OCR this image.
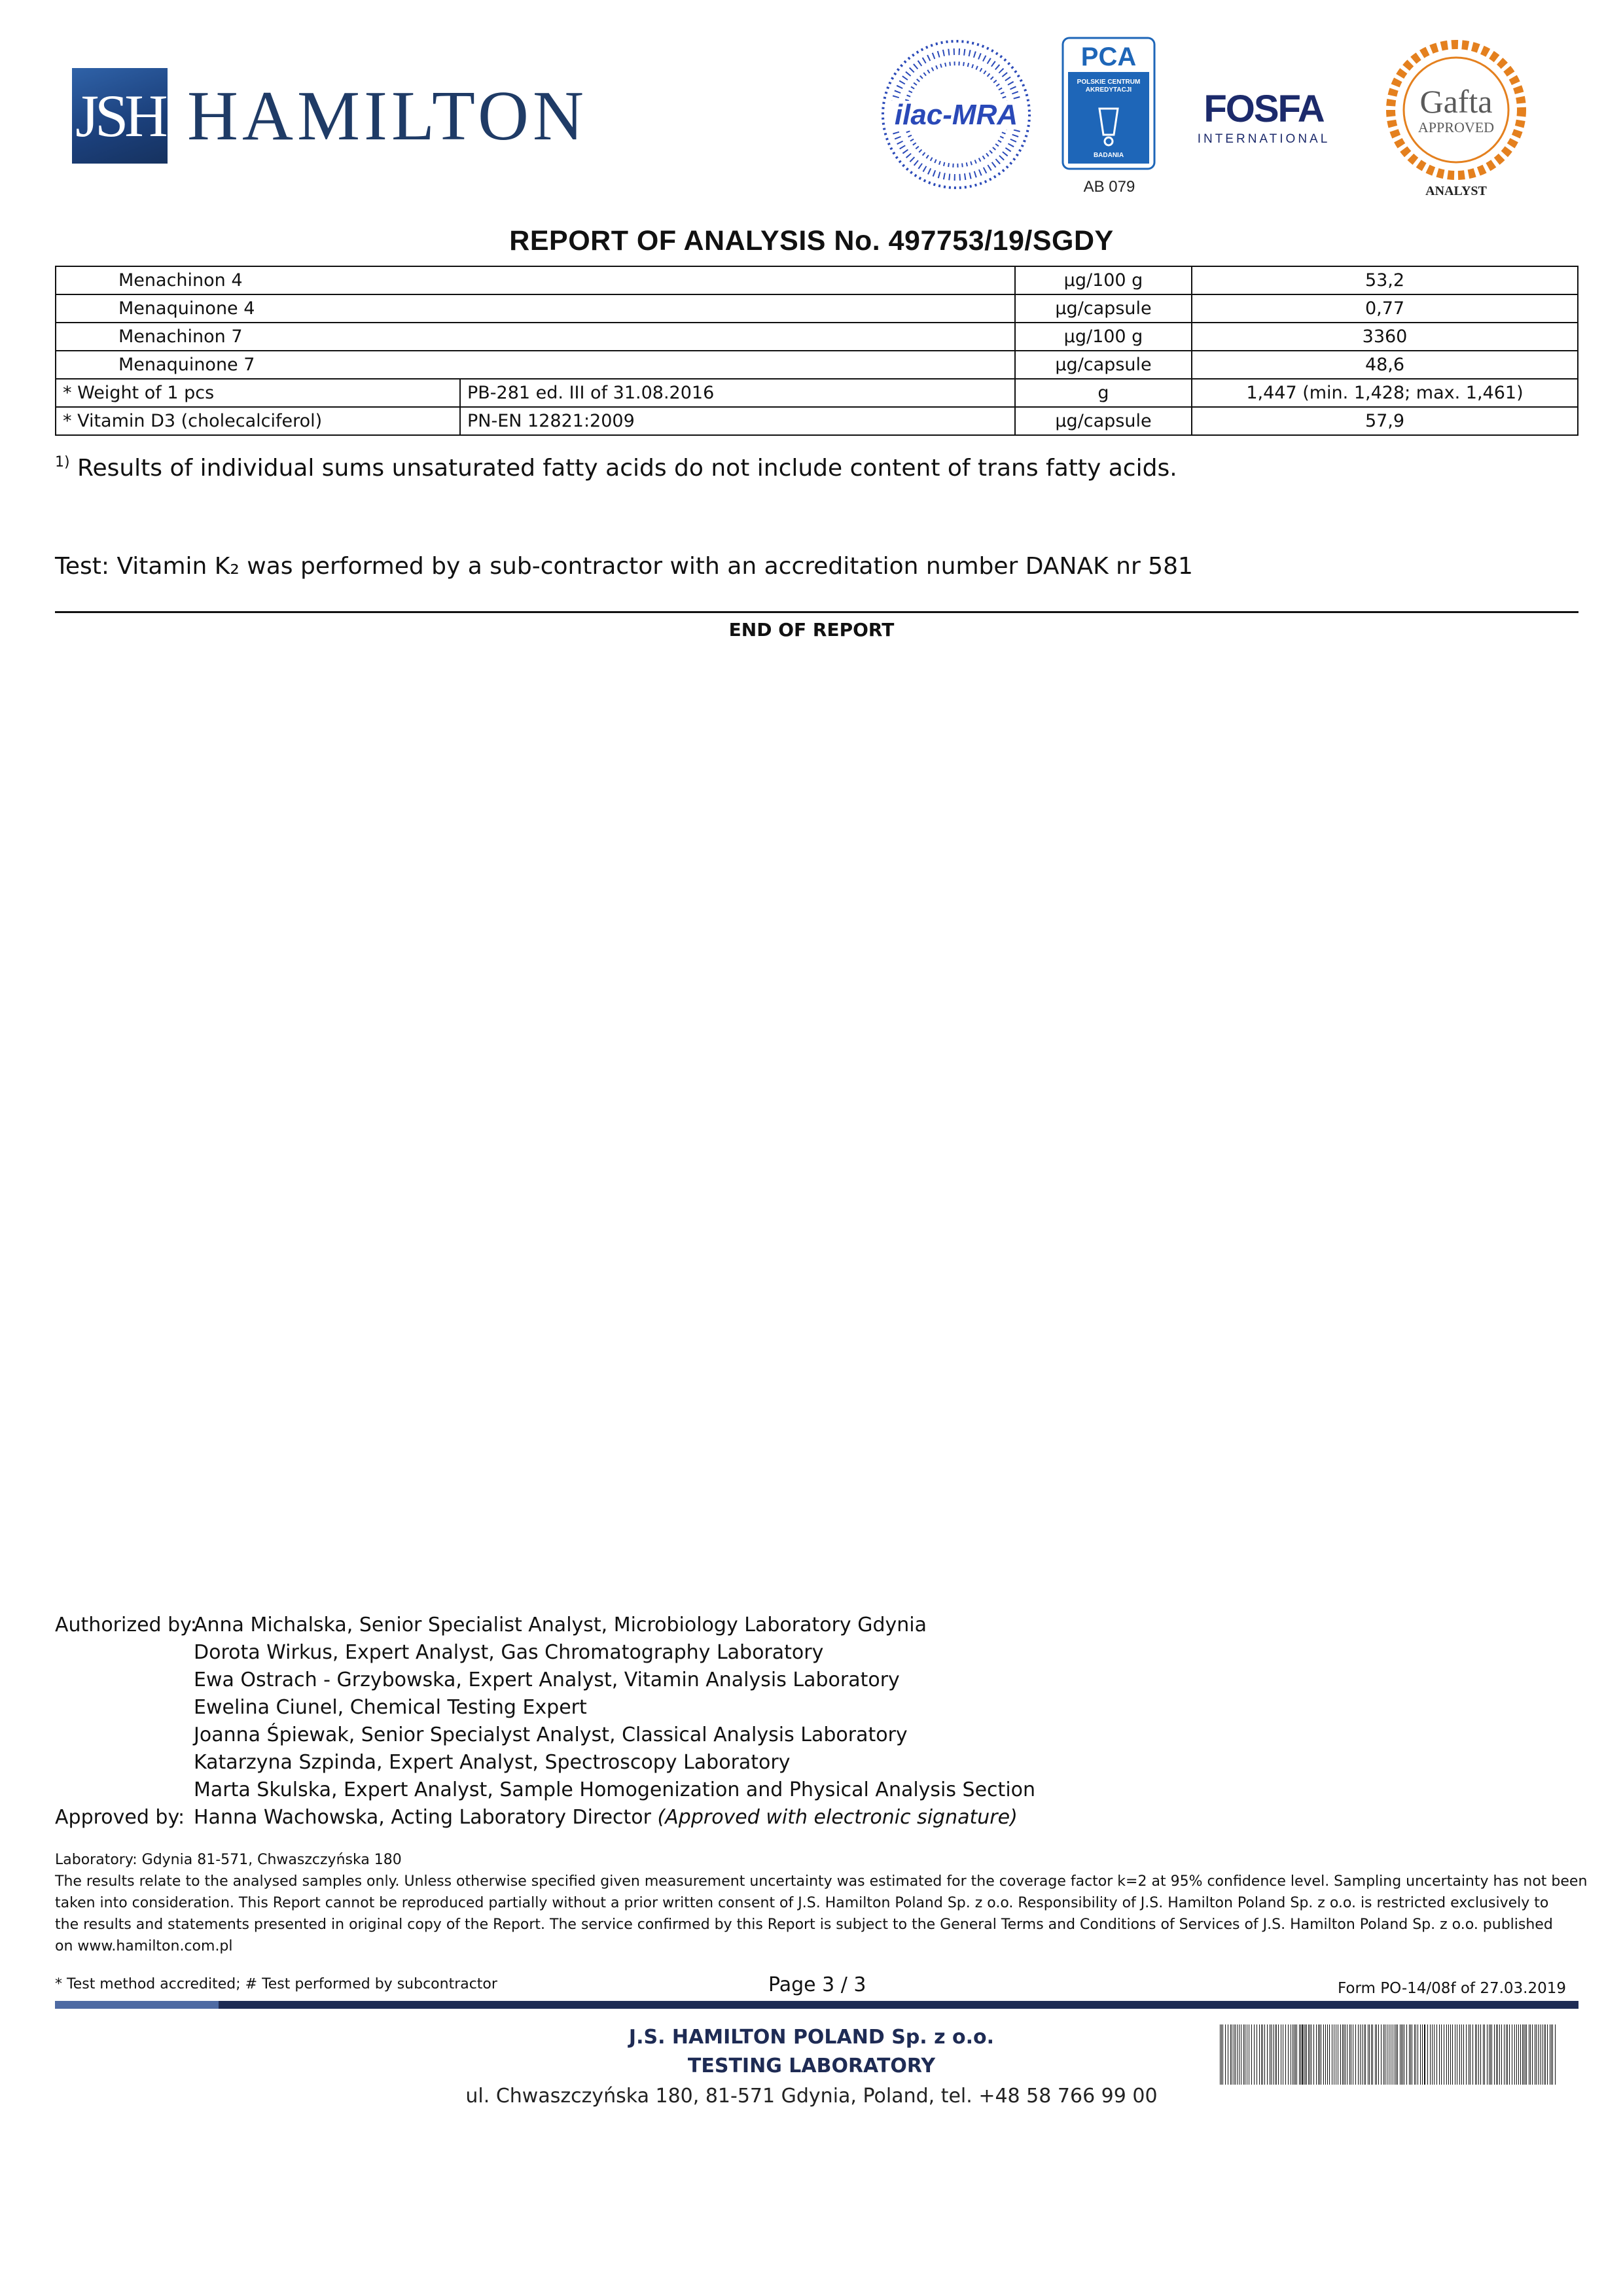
JSH HAMILTON	ilac-MRA
PCA
POLSKIE CENTRUM
AKREDYTACJI
BADANIA
AB 079
FOSFA
INTERNATIONAL
Gafta
APPROVED
ANALYST
REPORT OF ANALYSIS No. 497753/19/SGDY
Menachinon 4		µg/100 g	53,2
Menaquinone 4		µg/capsule	0,77
Menachinon 7		µg/100 g	3360
Menaquinone 7		µg/capsule	48,6
* Weight of 1 pcs	PB-281 ed. III of 31.08.2016	g	1,447 (min. 1,428; max. 1,461)
* Vitamin D3 (cholecalciferol)	PN-EN 12821:2009	µg/capsule	57,9
$^{1)}$ Results of individual sums unsaturated fatty acids do not include content of trans fatty acids.
Test: Vitamin K₂ was performed by a sub-contractor with an accreditation number DANAK nr 581
END OF REPORT
Authorized by:
Anna Michalska, Senior Specialist Analyst, Microbiology Laboratory Gdynia
Dorota Wirkus, Expert Analyst, Gas Chromatography Laboratory
Ewa Ostrach - Grzybowska, Expert Analyst, Vitamin Analysis Laboratory
Ewelina Ciunel, Chemical Testing Expert
Joanna Śpiewak, Senior Specialyst Analyst, Classical Analysis Laboratory
Katarzyna Szpinda, Expert Analyst, Spectroscopy Laboratory
Marta Skulska, Expert Analyst, Sample Homogenization and Physical Analysis Section
Approved by: Hanna Wachowska, Acting Laboratory Director (Approved with electronic signature)
Laboratory: Gdynia 81-571, Chwaszczyńska 180
The results relate to the analysed samples only. Unless otherwise specified given measurement uncertainty was estimated for the coverage factor k=2 at 95% confidence level. Sampling uncertainty has not been
taken into consideration. This Report cannot be reproduced partially without a prior written consent of J.S. Hamilton Poland Sp. z o.o. Responsibility of J.S. Hamilton Poland Sp. z o.o. is restricted exclusively to
the results and statements presented in original copy of the Report. The service confirmed by this Report is subject to the General Terms and Conditions of Services of J.S. Hamilton Poland Sp. z o.o. published
on www.hamilton.com.pl
* Test method accredited; # Test performed by subcontractor	Page 3 / 3	Form PO-14/08f of 27.03.2019
J.S. HAMILTON POLAND Sp. z o.o.
TESTING LABORATORY
ul. Chwaszczyńska 180, 81-571 Gdynia, Poland, tel. +48 58 766 99 00
